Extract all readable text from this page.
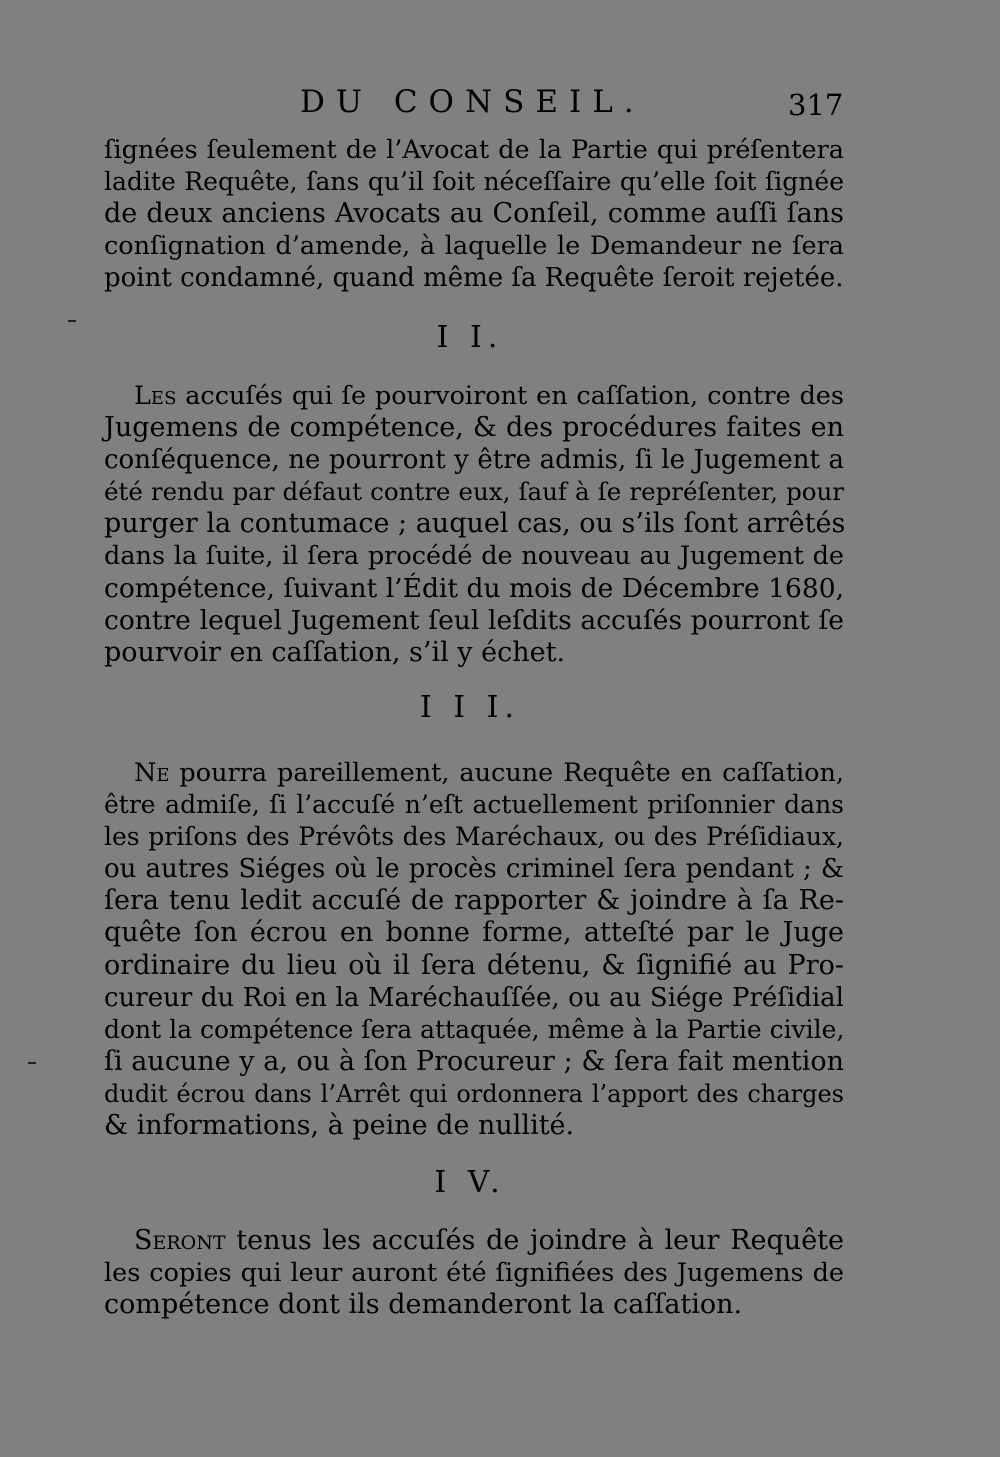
DU CONSEIL.	317
ſignées ſeulement de l’Avocat de la Partie qui préſentera
ladite Requête, ſans qu’il ſoit néceſſaire qu’elle ſoit ſignée
de deux anciens Avocats au Conſeil, comme auſſi ſans
conſignation d’amende, à laquelle le Demandeur ne ſera
point condamné, quand même ſa Requête ſeroit rejetée.
I I.
Les accuſés qui ſe pourvoiront en caſſation, contre des
Jugemens de compétence, & des procédures faites en
conſéquence, ne pourront y être admis, ſi le Jugement a
été rendu par défaut contre eux, ſauf à ſe repréſenter, pour
purger la contumace ; auquel cas, ou s’ils ſont arrêtés
dans la ſuite, il ſera procédé de nouveau au Jugement de
compétence, ſuivant l’Édit du mois de Décembre 1680,
contre lequel Jugement ſeul leſdits accuſés pourront ſe
pourvoir en caſſation, s’il y échet.
I I I.
Ne pourra pareillement, aucune Requête en caſſation,
être admiſe, ſi l’accuſé n’eſt actuellement priſonnier dans
les priſons des Prévôts des Maréchaux, ou des Préſidiaux,
ou autres Siéges où le procès criminel ſera pendant ; &
ſera tenu ledit accuſé de rapporter & joindre à ſa Re-
quête ſon écrou en bonne forme, atteſté par le Juge
ordinaire du lieu où il ſera détenu, & ſignifié au Pro-
cureur du Roi en la Maréchauſſée, ou au Siége Préſidial
dont la compétence ſera attaquée, même à la Partie civile,
ſi aucune y a, ou à ſon Procureur ; & ſera fait mention
dudit écrou dans l’Arrêt qui ordonnera l’apport des charges
& informations, à peine de nullité.
I V.
Seront tenus les accuſés de joindre à leur Requête
les copies qui leur auront été ſignifiées des Jugemens de
compétence dont ils demanderont la caſſation.
